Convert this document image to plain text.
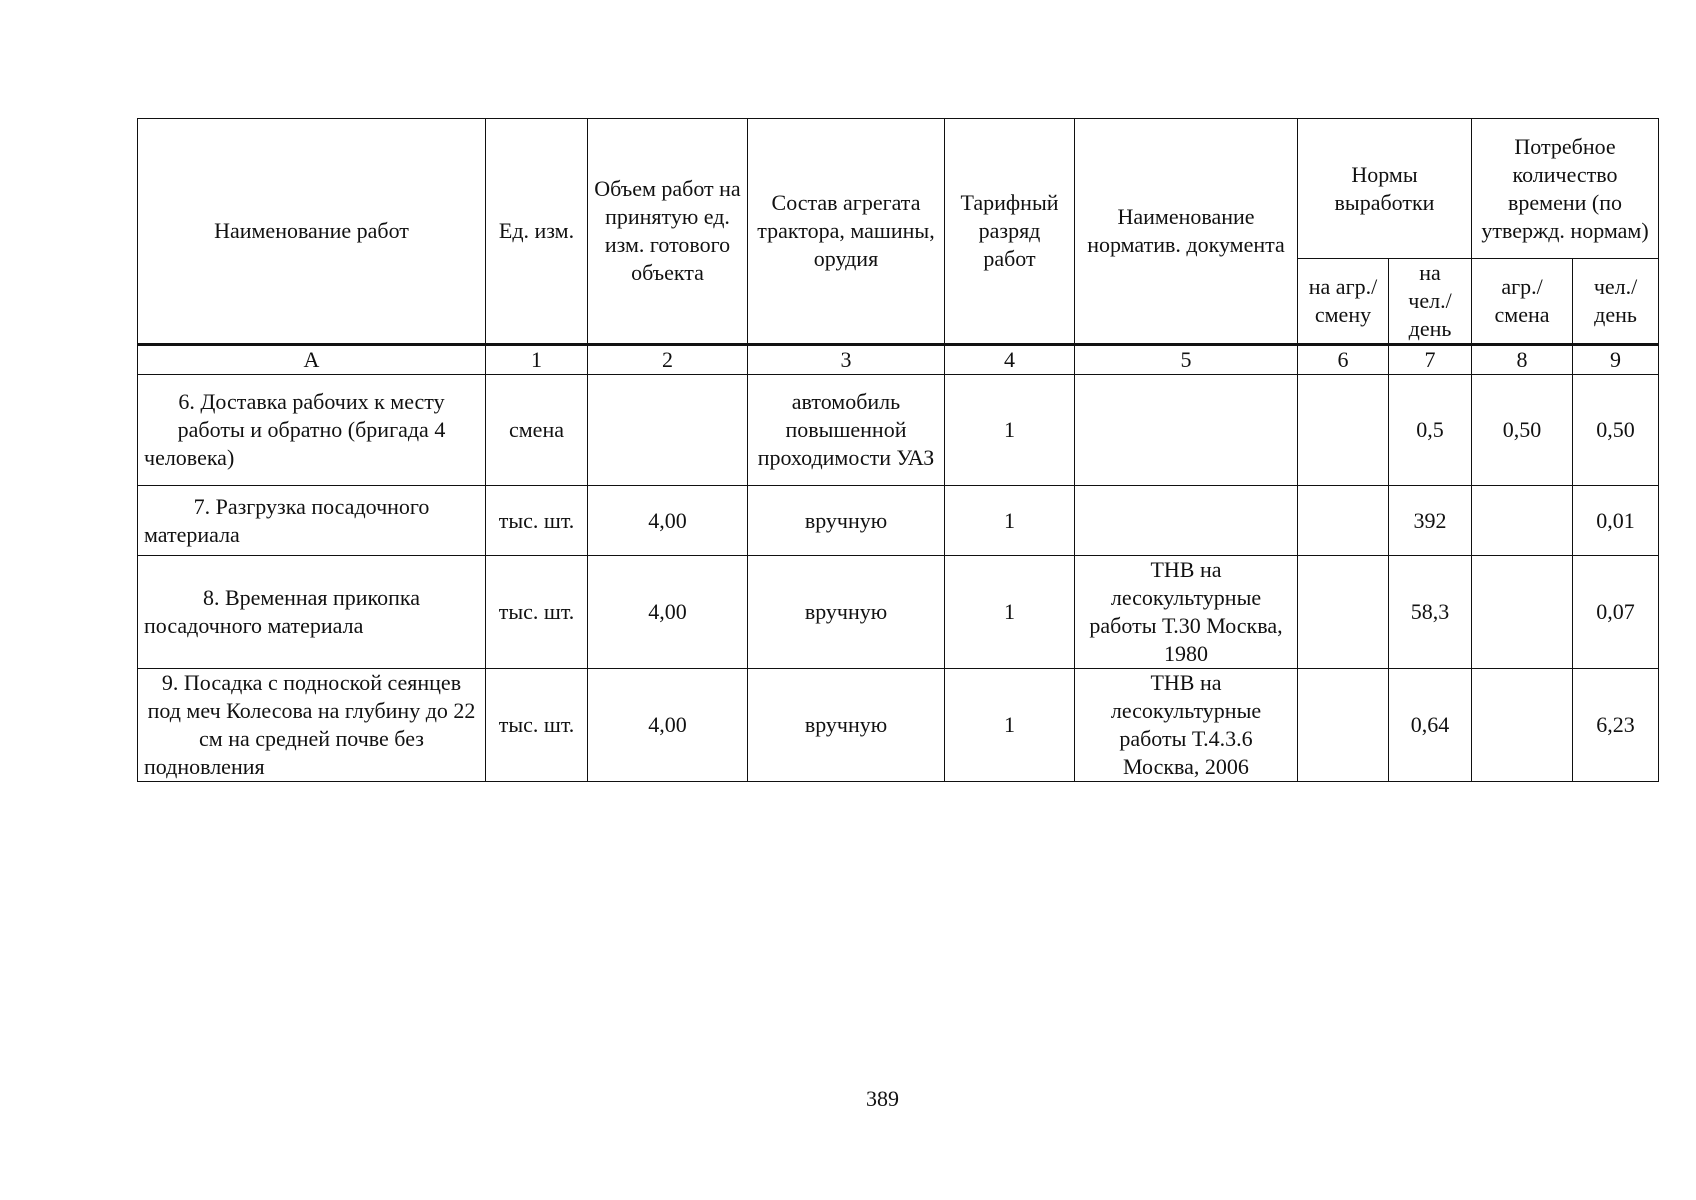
Наименование работ	Ед. изм.	Объем работ на принятую ед. изм. готового объекта	Состав агрегата трактора, машины, орудия	Тарифный разряд работ	Наименование норматив. документа	Нормы выработки		Потребное количество времени (по утвержд. нормам)	
						на агр./ смену	на чел./ день	агр./ смена	чел./ день
А	1	2	3	4	5	6	7	8	9
6. Доставка рабочих к месту работы и обратно (бригада 4 человека)	смена		автомобиль повышенной проходимости УАЗ	1			0,5	0,50	0,50
7. Разгрузка посадочного материала	тыс. шт.	4,00	вручную	1			392		0,01
8. Временная прикопка посадочного материала	тыс. шт.	4,00	вручную	1	ТНВ на лесокультурные работы Т.30 Москва, 1980		58,3		0,07
9. Посадка с подноской сеянцев под меч Колесова на глубину до 22 см на средней почве без подновления	тыс. шт.	4,00	вручную	1	ТНВ на лесокультурные работы Т.4.3.6 Москва, 2006		0,64		6,23
389
